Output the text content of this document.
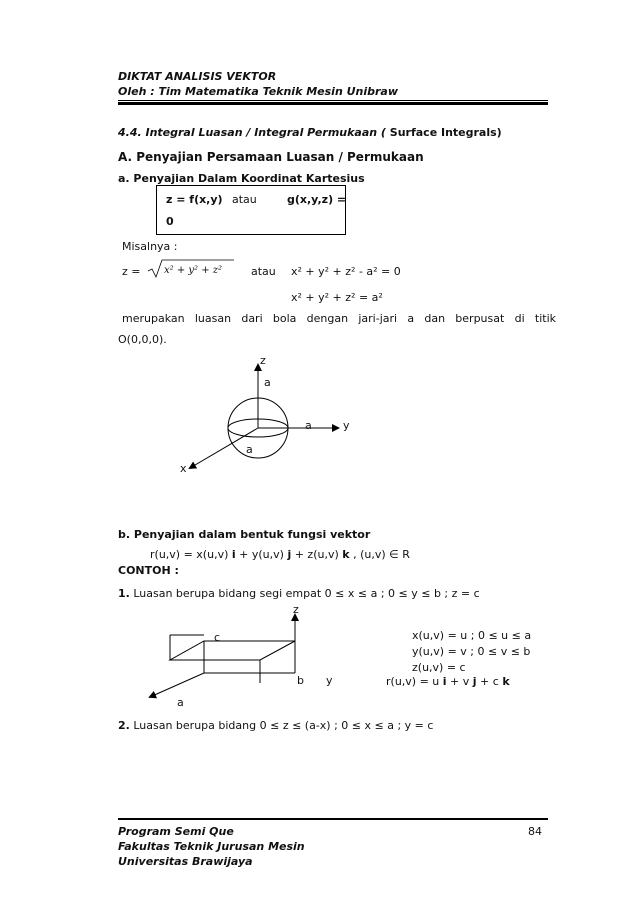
DIKTAT ANALISIS VEKTOR
Oleh : Tim Matematika Teknik Mesin Unibraw
4.4. Integral Luasan / Integral Permukaan ( Surface Integrals)
A. Penyajian Persamaan Luasan / Permukaan
a. Penyajian Dalam Koordinat Kartesius
z = f(x,y) atau	g(x,y,z) =
0
Misalnya :
z = x² + y² + z²	atau x² + y² + z² - a² = 0
x² + y² + z² = a²
merupakan luasan dari bola dengan jari-jari a dan berpusat di titik
O(0,0,0).
z
a
a	y
a
x
b. Penyajian dalam bentuk fungsi vektor
r(u,v) = x(u,v) i + y(u,v) j + z(u,v) k , (u,v) ∈ R
CONTOH :
1. Luasan berupa bidang segi empat 0 ≤ x ≤ a ; 0 ≤ y ≤ b ; z = c
z
c
b y
a
x(u,v) = u ; 0 ≤ u ≤ a
y(u,v) = v ; 0 ≤ v ≤ b
z(u,v) = c
r(u,v) = u i + v j + c k
2. Luasan berupa bidang 0 ≤ z ≤ (a-x) ; 0 ≤ x ≤ a ; y = c
Program Semi Que
Fakultas Teknik Jurusan Mesin
Universitas Brawijaya
84
